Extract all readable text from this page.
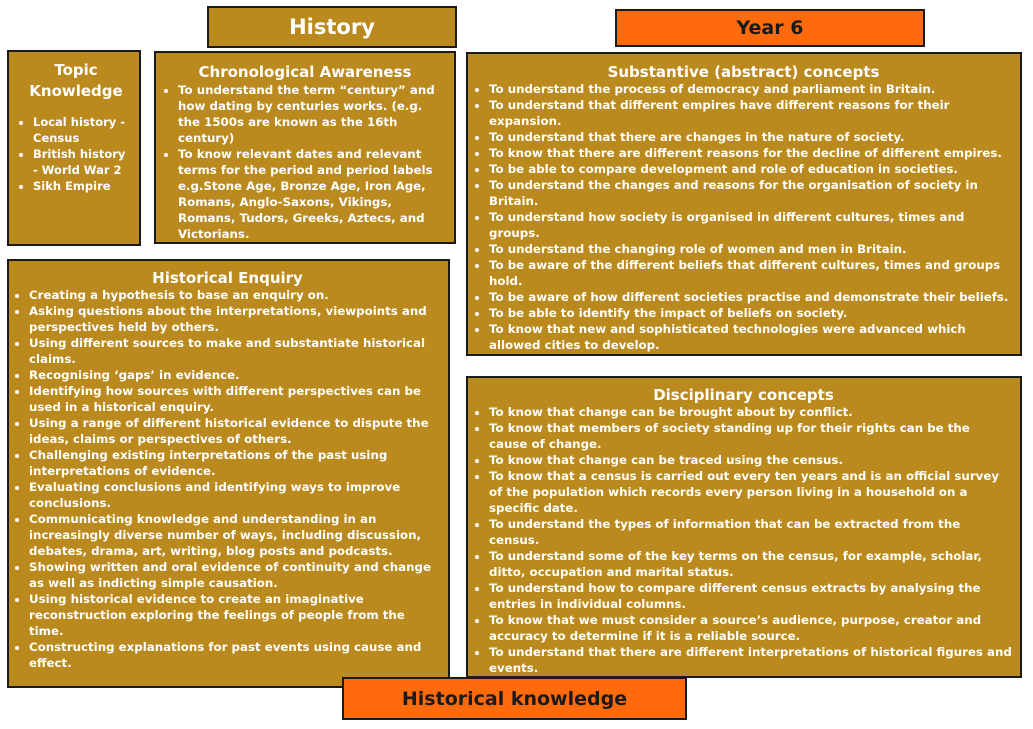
History	Year 6
Topic Knowledge
• Local history - Census
• British history - World War 2
• Sikh Empire
Chronological Awareness
• To understand the term “century” and how dating by centuries works. (e.g. the 1500s are known as the 16th century)
• To know relevant dates and relevant terms for the period and period labels e.g.Stone Age, Bronze Age, Iron Age, Romans, Anglo-Saxons, Vikings, Romans, Tudors, Greeks, Aztecs, and Victorians.
Substantive (abstract) concepts
• To understand the process of democracy and parliament in Britain.
• To understand that different empires have different reasons for their expansion.
• To understand that there are changes in the nature of society.
• To know that there are different reasons for the decline of different empires.
• To be able to compare development and role of education in societies.
• To understand the changes and reasons for the organisation of society in Britain.
• To understand how society is organised in different cultures, times and groups.
• To understand the changing role of women and men in Britain.
• To be aware of the different beliefs that different cultures, times and groups hold.
• To be aware of how different societies practise and demonstrate their beliefs.
• To be able to identify the impact of beliefs on society.
• To know that new and sophisticated technologies were advanced which allowed cities to develop.
• To understand the impact of war on local communities.
•
Historical Enquiry
• Creating a hypothesis to base an enquiry on.
• Asking questions about the interpretations, viewpoints and perspectives held by others.
• Using different sources to make and substantiate historical claims.
• Recognising ‘gaps’ in evidence.
• Identifying how sources with different perspectives can be used in a historical enquiry.
• Using a range of different historical evidence to dispute the ideas, claims or perspectives of others.
• Challenging existing interpretations of the past using interpretations of evidence.
• Evaluating conclusions and identifying ways to improve conclusions.
• Communicating knowledge and understanding in an increasingly diverse number of ways, including discussion, debates, drama, art, writing, blog posts and podcasts.
• Showing written and oral evidence of continuity and change as well as indicting simple causation.
• Using historical evidence to create an imaginative reconstruction exploring the feelings of people from the time.
• Constructing explanations for past events using cause and effect.
Disciplinary concepts
• To know that change can be brought about by conflict.
• To know that members of society standing up for their rights can be the cause of change.
• To know that change can be traced using the census.
• To know that a census is carried out every ten years and is an official survey of the population which records every person living in a household on a specific date.
• To understand the types of information that can be extracted from the census.
• To understand some of the key terms on the census, for example, scholar, ditto, occupation and marital status.
• To understand how to compare different census extracts by analysing the entries in individual columns.
• To know that we must consider a source’s audience, purpose, creator and accuracy to determine if it is a reliable source.
• To understand that there are different interpretations of historical figures and events.
Historical knowledge
